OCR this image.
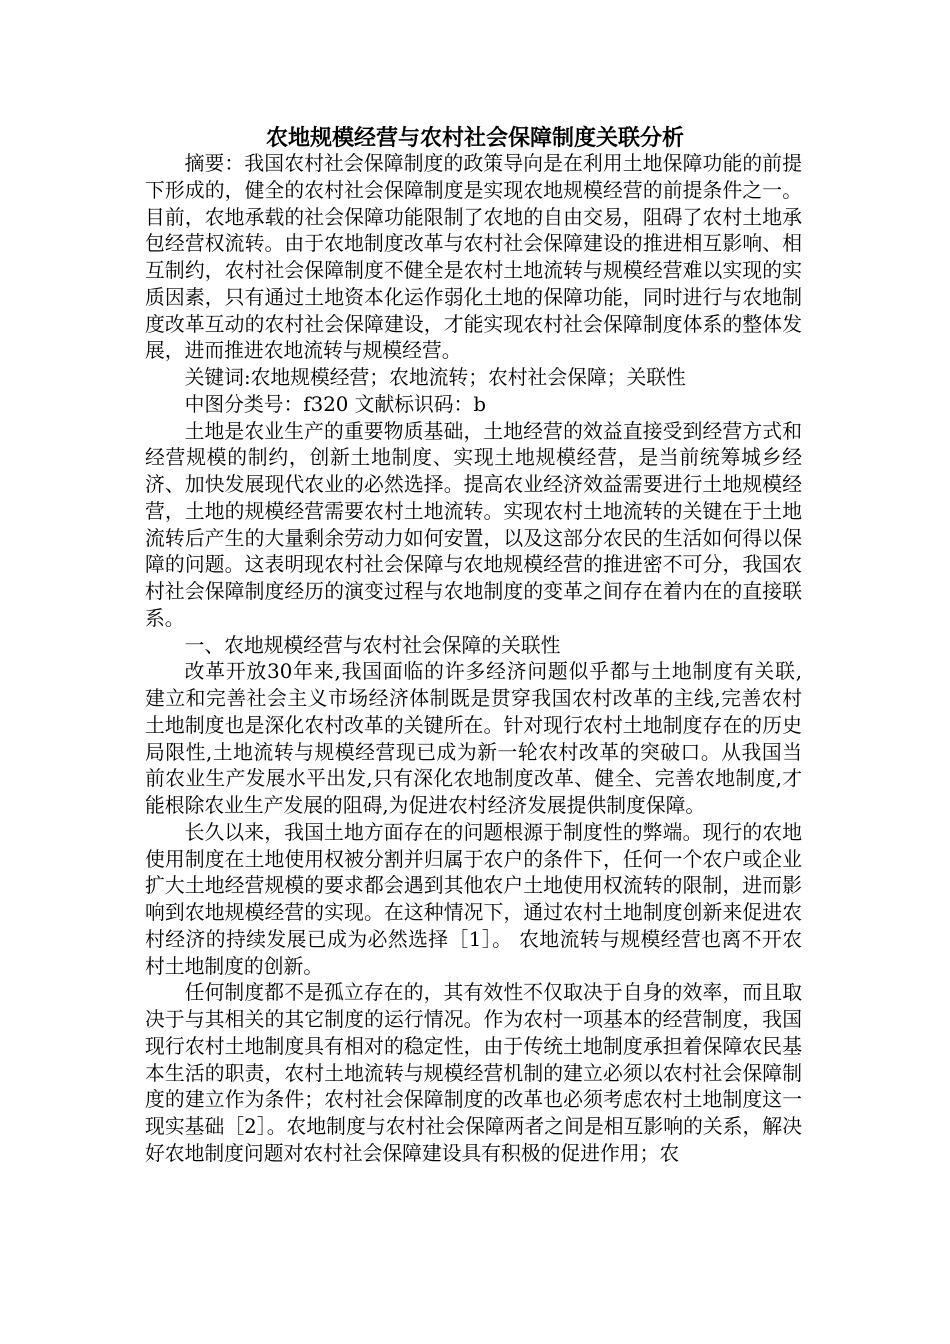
农地规模经营与农村社会保障制度关联分析

摘要：我国农村社会保障制度的政策导向是在利用土地保障功能的前提下形成的，健全的农村社会保障制度是实现农地规模经营的前提条件之一。目前，农地承载的社会保障功能限制了农地的自由交易，阻碍了农村土地承包经营权流转。由于农地制度改革与农村社会保障建设的推进相互影响、相互制约，农村社会保障制度不健全是农村土地流转与规模经营难以实现的实质因素，只有通过土地资本化运作弱化土地的保障功能，同时进行与农地制度改革互动的农村社会保障建设，才能实现农村社会保障制度体系的整体发展，进而推进农地流转与规模经营。

关键词:农地规模经营；农地流转；农村社会保障；关联性

中图分类号：f320 文献标识码：b

土地是农业生产的重要物质基础，土地经营的效益直接受到经营方式和经营规模的制约，创新土地制度、实现土地规模经营，是当前统筹城乡经济、加快发展现代农业的必然选择。提高农业经济效益需要进行土地规模经营，土地的规模经营需要农村土地流转。实现农村土地流转的关键在于土地流转后产生的大量剩余劳动力如何安置，以及这部分农民的生活如何得以保障的问题。这表明现农村社会保障与农地规模经营的推进密不可分，我国农村社会保障制度经历的演变过程与农地制度的变革之间存在着内在的直接联系。

一、农地规模经营与农村社会保障的关联性

改革开放30年来,我国面临的许多经济问题似乎都与土地制度有关联, 建立和完善社会主义市场经济体制既是贯穿我国农村改革的主线,完善农村土地制度也是深化农村改革的关键所在。针对现行农村土地制度存在的历史局限性,土地流转与规模经营现已成为新一轮农村改革的突破口。从我国当前农业生产发展水平出发,只有深化农地制度改革、健全、完善农地制度,才能根除农业生产发展的阻碍,为促进农村经济发展提供制度保障。

长久以来，我国土地方面存在的问题根源于制度性的弊端。现行的农地使用制度在土地使用权被分割并归属于农户的条件下，任何一个农户或企业扩大土地经营规模的要求都会遇到其他农户土地使用权流转的限制，进而影响到农地规模经营的实现。在这种情况下，通过农村土地制度创新来促进农村经济的持续发展已成为必然选择［1］。 农地流转与规模经营也离不开农村土地制度的创新。

任何制度都不是孤立存在的，其有效性不仅取决于自身的效率，而且取决于与其相关的其它制度的运行情况。作为农村一项基本的经营制度，我国现行农村土地制度具有相对的稳定性，由于传统土地制度承担着保障农民基本生活的职责，农村土地流转与规模经营机制的建立必须以农村社会保障制度的建立作为条件；农村社会保障制度的改革也必须考虑农村土地制度这一现实基础［2］。农地制度与农村社会保障两者之间是相互影响的关系，解决好农地制度问题对农村社会保障建设具有积极的促进作用；农
